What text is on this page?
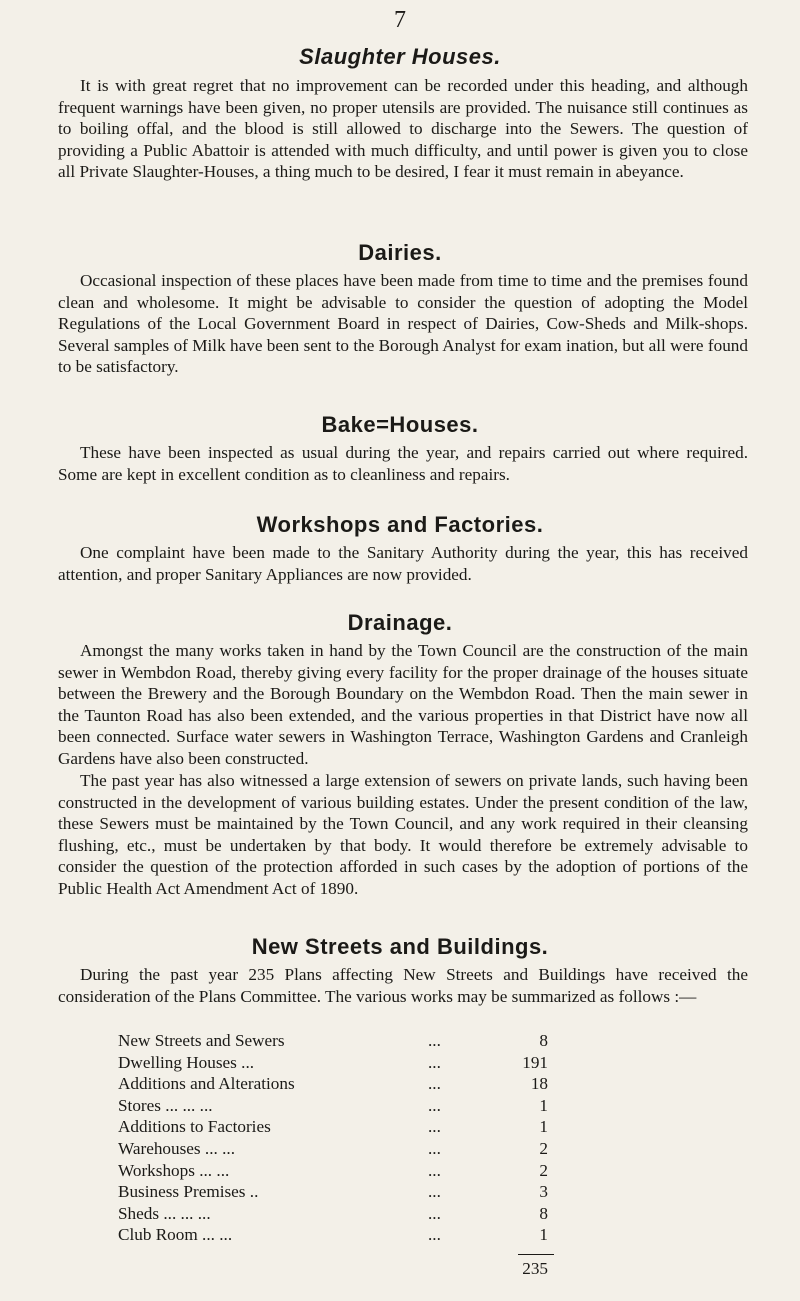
7
Slaughter Houses.

It is with great regret that no improvement can be recorded under this heading, and although frequent warnings have been given, no proper utensils are provided. The nuisance still continues as to boiling offal, and the blood is still allowed to discharge into the Sewers. The question of providing a Public Abattoir is attended with much difficulty, and until power is given you to close all Private Slaughter-Houses, a thing much to be desired, I fear it must remain in abeyance.

Dairies.

Occasional inspection of these places have been made from time to time and the premises found clean and wholesome. It might be advisable to consider the question of adopting the Model Regulations of the Local Government Board in respect of Dairies, Cow-Sheds and Milk-shops. Several samples of Milk have been sent to the Borough Analyst for exam ination, but all were found to be satisfactory.

Bake=Houses.

These have been inspected as usual during the year, and repairs carried out where required. Some are kept in excellent condition as to cleanliness and repairs.

Workshops and Factories.

One complaint have been made to the Sanitary Authority during the year, this has received attention, and proper Sanitary Appliances are now provided.

Drainage.

Amongst the many works taken in hand by the Town Council are the construction of the main sewer in Wembdon Road, thereby giving every facility for the proper drainage of the houses situate between the Brewery and the Borough Boundary on the Wembdon Road. Then the main sewer in the Taunton Road has also been extended, and the various properties in that District have now all been connected. Surface water sewers in Washington Terrace, Washington Gardens and Cranleigh Gardens have also been constructed.

The past year has also witnessed a large extension of sewers on private lands, such having been constructed in the development of various building estates. Under the present condition of the law, these Sewers must be maintained by the Town Council, and any work required in their cleansing flushing, etc., must be undertaken by that body. It would therefore be extremely advisable to consider the question of the protection afforded in such cases by the adoption of portions of the Public Health Act Amendment Act of 1890.

New Streets and Buildings.

During the past year 235 Plans affecting New Streets and Buildings have received the consideration of the Plans Committee. The various works may be summarized as follows :—

New Streets and Sewers	...	8
Dwelling Houses ...	...	191
Additions and Alterations	...	18
Stores ... ... ...	...	1
Additions to Factories	...	1
Warehouses ... ...	...	2
Workshops ... ...	...	2
Business Premises ..	...	3
Sheds ... ... ...	...	8
Club Room ... ...	...	1
235
